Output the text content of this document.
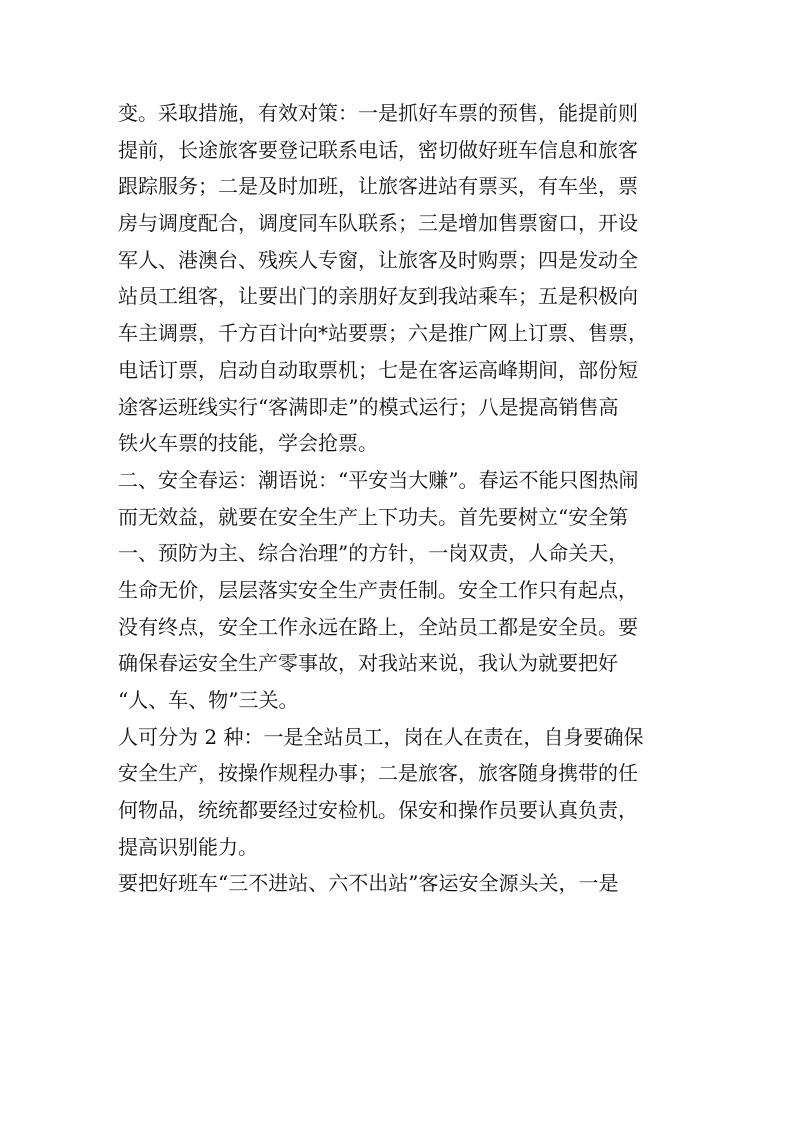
变。采取措施，有效对策：一是抓好车票的预售，能提前则
提前，长途旅客要登记联系电话，密切做好班车信息和旅客
跟踪服务；二是及时加班，让旅客进站有票买，有车坐，票
房与调度配合，调度同车队联系；三是增加售票窗口，开设
军人、港澳台、残疾人专窗，让旅客及时购票；四是发动全
站员工组客，让要出门的亲朋好友到我站乘车；五是积极向
车主调票，千方百计向*站要票；六是推广网上订票、售票，
电话订票，启动自动取票机；七是在客运高峰期间，部份短
途客运班线实行“客满即走”的模式运行；八是提高销售高
铁火车票的技能，学会抢票。
二、安全春运：潮语说：“平安当大赚”。春运不能只图热闹
而无效益，就要在安全生产上下功夫。首先要树立“安全第
一、预防为主、综合治理”的方针，一岗双责，人命关天，
生命无价，层层落实安全生产责任制。安全工作只有起点，
没有终点，安全工作永远在路上，全站员工都是安全员。要
确保春运安全生产零事故，对我站来说，我认为就要把好
“人、车、物”三关。
人可分为 2 种：一是全站员工，岗在人在责在，自身要确保
安全生产，按操作规程办事；二是旅客，旅客随身携带的任
何物品，统统都要经过安检机。保安和操作员要认真负责，
提高识别能力。
要把好班车“三不进站、六不出站”客运安全源头关，一是
